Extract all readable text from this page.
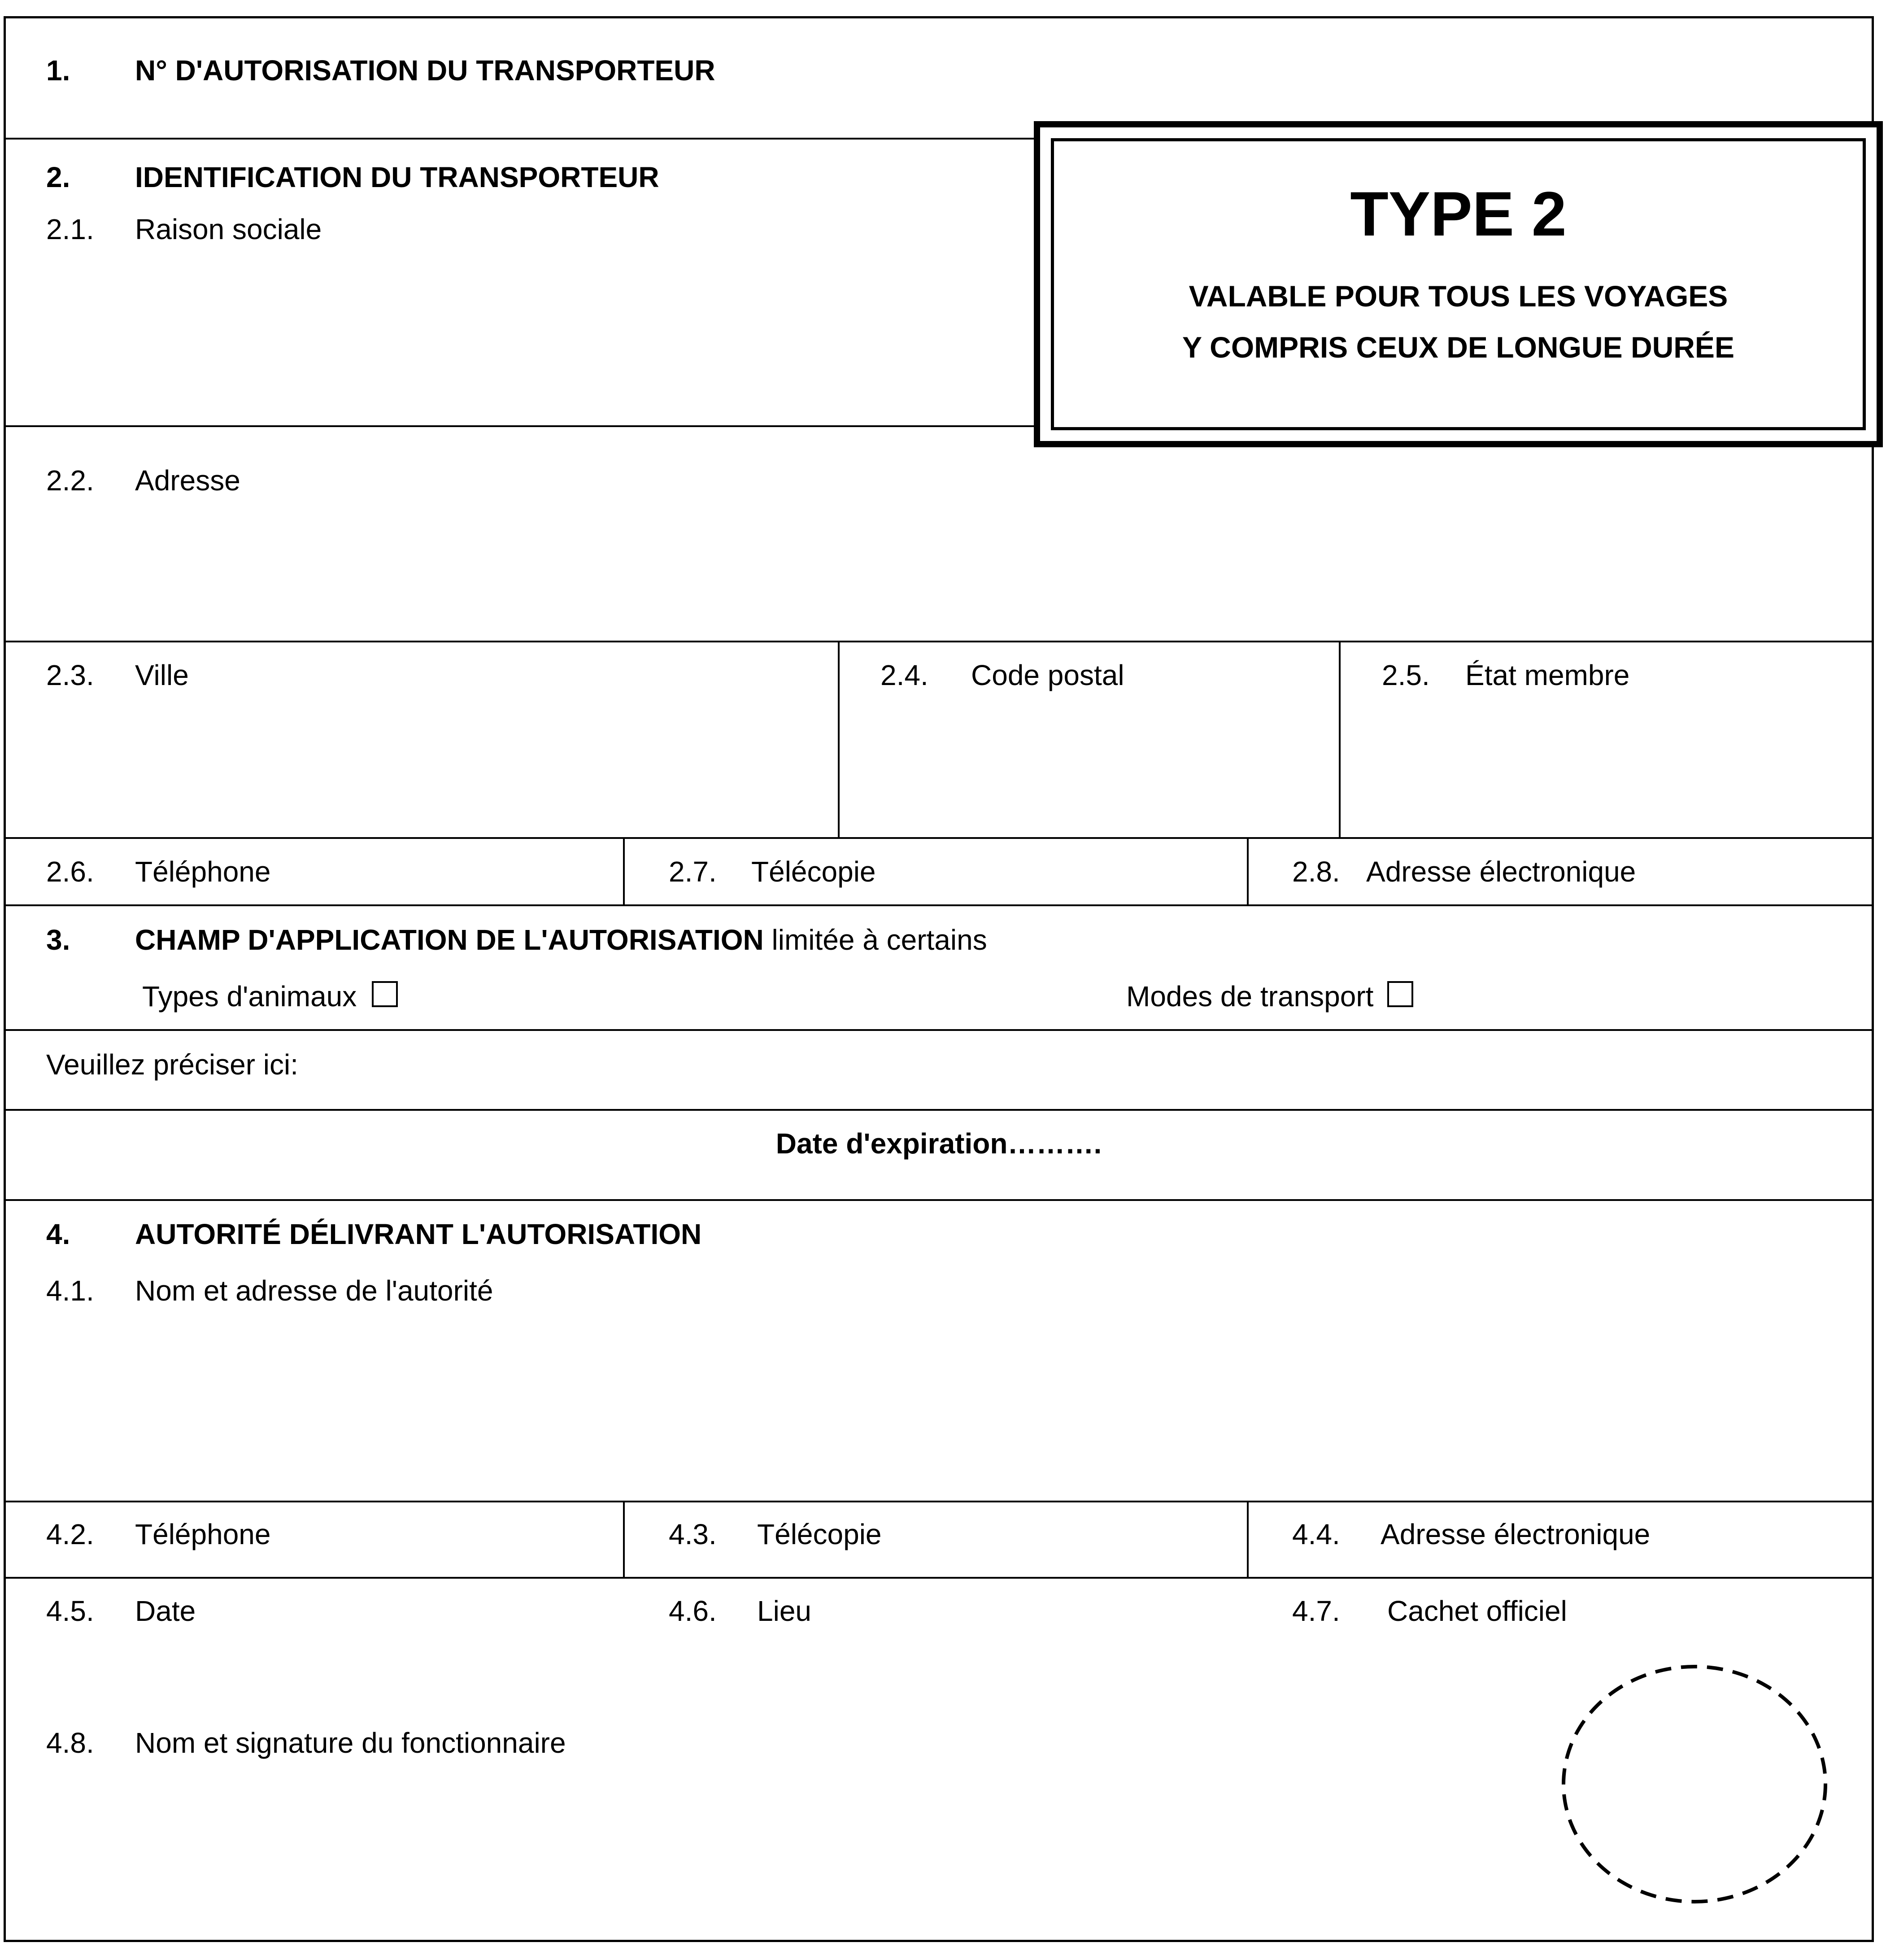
1. N° D'AUTORISATION DU TRANSPORTEUR
2. IDENTIFICATION DU TRANSPORTEUR
2.1. Raison sociale
2.2. Adresse
2.3. Ville	2.4. Code postal	2.5. État membre
2.6. Téléphone	2.7. Télécopie	2.8. Adresse électronique
3. CHAMP D'APPLICATION DE L'AUTORISATION limitée à certains
Types d'animaux	Modes de transport
Veuillez préciser ici:
Date d'expiration……….
4. AUTORITÉ DÉLIVRANT L'AUTORISATION
4.1. Nom et adresse de l'autorité
4.2. Téléphone	4.3. Télécopie	4.4. Adresse électronique
4.5. Date	4.6. Lieu	4.7. Cachet officiel
4.8. Nom et signature du fonctionnaire
TYPE 2
VALABLE POUR TOUS LES VOYAGES
Y COMPRIS CEUX DE LONGUE DURÉE
